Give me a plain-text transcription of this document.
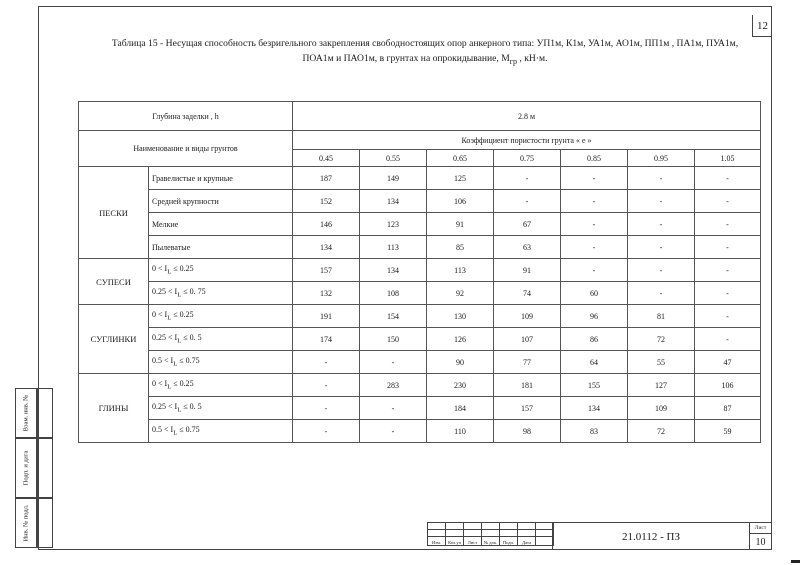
12
Таблица 15 - Несущая способность безригельного закрепления свободностоящих опор анкерного типа: УП1м, К1м, УА1м, АО1м, ПП1м , ПА1м, ПУА1м,
ПОА1м и ПАО1м, в грунтах на опрокидывание, $М_{гр}$ , кН·м.
Глубина заделки , h		2.8 м						
Наименование и виды грунтов		Коэффициент пористости грунта « е »						
		0.45	0.55	0.65	0.75	0.85	0.95	1.05
ПЕСКИ	Гравелистые и крупные	187	149	125	-	-	-	-
	Средней крупности	152	134	106	-	-	-	-
	Мелкие	146	123	91	67	-	-	-
	Пылеватые	134	113	85	63	-	-	-
СУПЕСИ	$0 < I_L \le 0.25$	157	134	113	91	-	-	-
	$0.25 < I_L \le 0$. 75	132	108	92	74	60	-	-
СУГЛИНКИ	$0 < I_L \le 0.25$	191	154	130	109	96	81	-
	$0.25 < I_L \le 0$. 5	174	150	126	107	86	72	-
	$0.5 < I_L \le 0.75$	-	-	90	77	64	55	47
ГЛИНЫ	$0 < I_L \le 0.25$	-	283	230	181	155	127	106
	$0.25 < I_L \le 0$. 5	-	-	184	157	134	109	87
	$0.5 < I_L \le 0.75$	-	-	110	98	83	72	59
Взам. инв. №
Подп. и дата
Инв. № подл.

Изм.	Кол.уч	Лист	№ док.	Подп.	Дата		21.0112 - ПЗ
Лист
10
